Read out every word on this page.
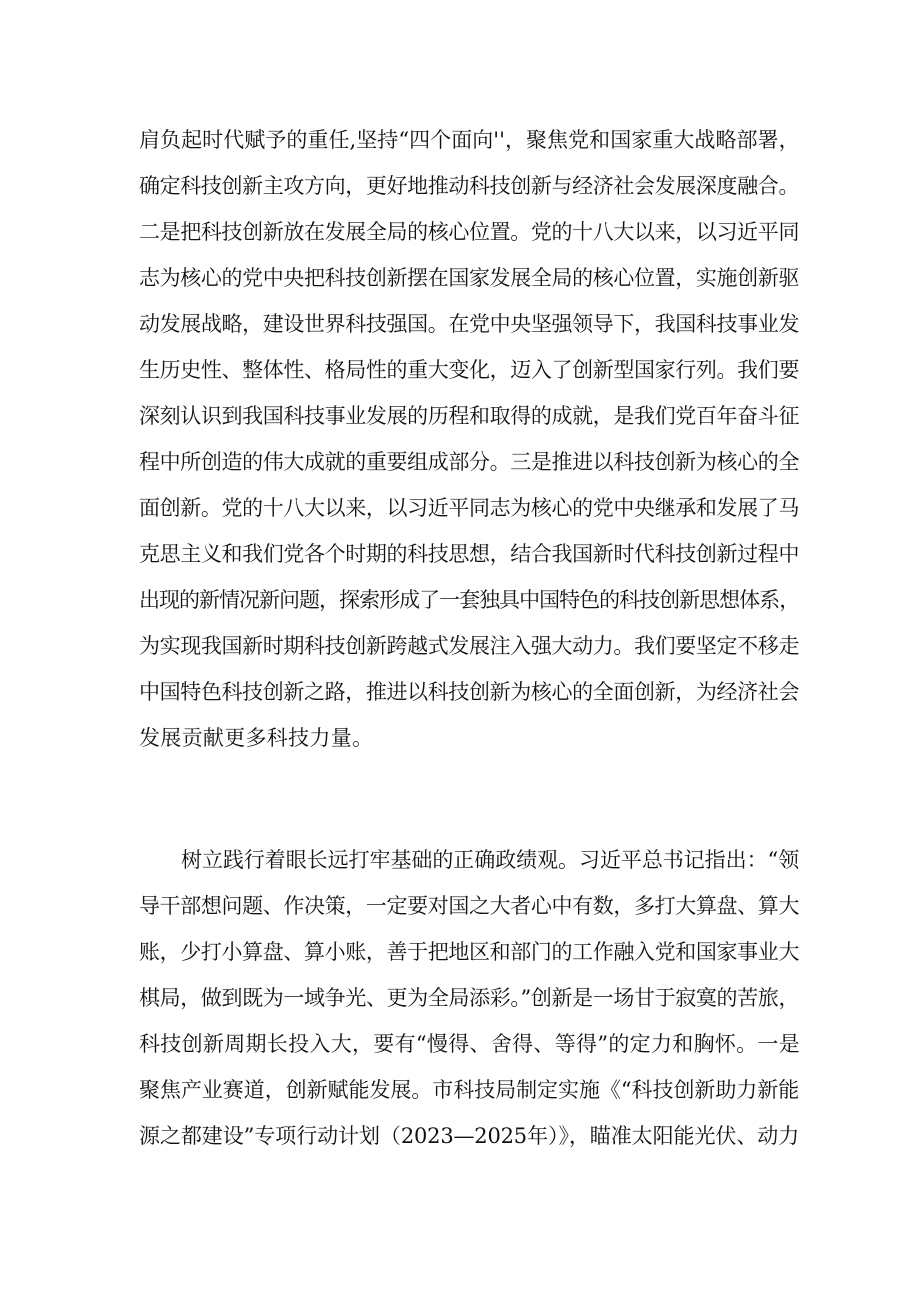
肩负起时代赋予的重任,坚持“四个面向''，聚焦党和国家重大战略部署，
确定科技创新主攻方向，更好地推动科技创新与经济社会发展深度融合。
二是把科技创新放在发展全局的核心位置。党的十八大以来，以习近平同
志为核心的党中央把科技创新摆在国家发展全局的核心位置，实施创新驱
动发展战略，建设世界科技强国。在党中央坚强领导下，我国科技事业发
生历史性、整体性、格局性的重大变化，迈入了创新型国家行列。我们要
深刻认识到我国科技事业发展的历程和取得的成就，是我们党百年奋斗征
程中所创造的伟大成就的重要组成部分。三是推进以科技创新为核心的全
面创新。党的十八大以来，以习近平同志为核心的党中央继承和发展了马
克思主义和我们党各个时期的科技思想，结合我国新时代科技创新过程中
出现的新情况新问题，探索形成了一套独具中国特色的科技创新思想体系，
为实现我国新时期科技创新跨越式发展注入强大动力。我们要坚定不移走
中国特色科技创新之路，推进以科技创新为核心的全面创新，为经济社会
发展贡献更多科技力量。
树立践行着眼长远打牢基础的正确政绩观。习近平总书记指出：“领
导干部想问题、作决策，一定要对国之大者心中有数，多打大算盘、算大
账，少打小算盘、算小账，善于把地区和部门的工作融入党和国家事业大
棋局，做到既为一域争光、更为全局添彩。”创新是一场甘于寂寞的苦旅，
科技创新周期长投入大，要有“慢得、舍得、等得”的定力和胸怀。一是
聚焦产业赛道，创新赋能发展。市科技局制定实施《“科技创新助力新能
源之都建设”专项行动计划（2023—2025年）》，瞄准太阳能光伏、动力
